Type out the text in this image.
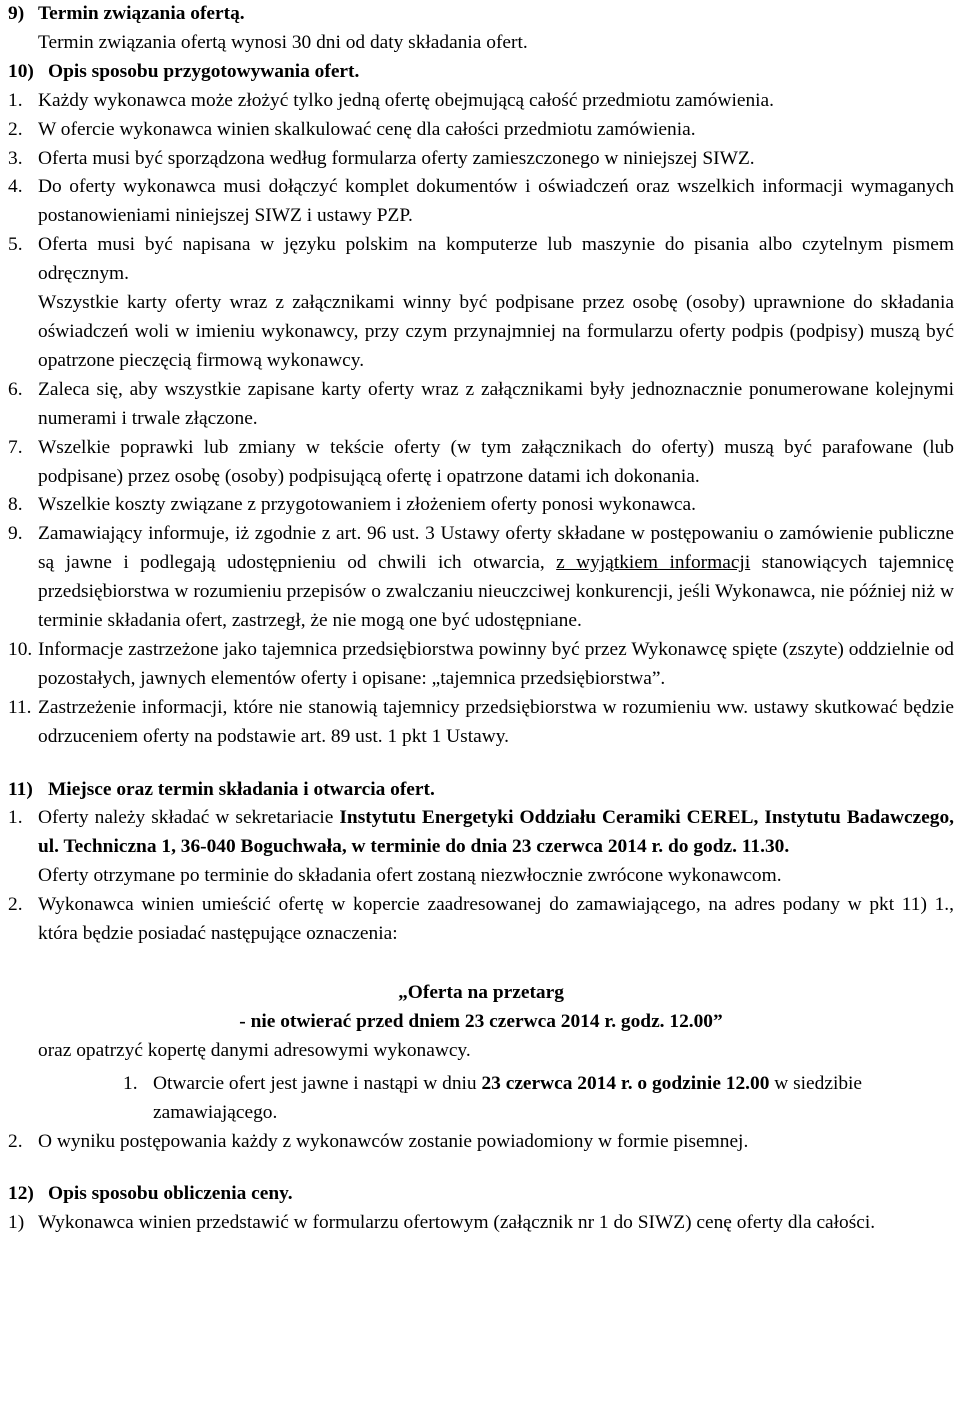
9) Termin związania ofertą.
Termin związania ofertą wynosi 30 dni od daty składania ofert.
10) Opis sposobu przygotowywania ofert.
1. Każdy wykonawca może złożyć tylko jedną ofertę obejmującą całość przedmiotu zamówienia.
2. W ofercie wykonawca winien skalkulować cenę dla całości przedmiotu zamówienia.
3. Oferta musi być sporządzona według formularza oferty zamieszczonego w niniejszej SIWZ.
4. Do oferty wykonawca musi dołączyć komplet dokumentów i oświadczeń oraz wszelkich informacji wymaganych postanowieniami niniejszej SIWZ i ustawy PZP.
5. Oferta musi być napisana w języku polskim na komputerze lub maszynie do pisania albo czytelnym pismem odręcznym.
Wszystkie karty oferty wraz z załącznikami winny być podpisane przez osobę (osoby) uprawnione do składania oświadczeń woli w imieniu wykonawcy, przy czym przynajmniej na formularzu oferty podpis (podpisy) muszą być opatrzone pieczęcią firmową wykonawcy.
6. Zaleca się, aby wszystkie zapisane karty oferty wraz z załącznikami były jednoznacznie ponumerowane kolejnymi numerami i trwale złączone.
7. Wszelkie poprawki lub zmiany w tekście oferty (w tym załącznikach do oferty) muszą być parafowane (lub podpisane) przez osobę (osoby) podpisującą ofertę i opatrzone datami ich dokonania.
8. Wszelkie koszty związane z przygotowaniem i złożeniem oferty ponosi wykonawca.
9. Zamawiający informuje, iż zgodnie z art. 96 ust. 3 Ustawy oferty składane w postępowaniu o zamówienie publiczne są jawne i podlegają udostępnieniu od chwili ich otwarcia, z wyjątkiem informacji stanowiących tajemnicę przedsiębiorstwa w rozumieniu przepisów o zwalczaniu nieuczciwej konkurencji, jeśli Wykonawca, nie później niż w terminie składania ofert, zastrzegł, że nie mogą one być udostępniane.
10. Informacje zastrzeżone jako tajemnica przedsiębiorstwa powinny być przez Wykonawcę spięte (zszyte) oddzielnie od pozostałych, jawnych elementów oferty i opisane: „tajemnica przedsiębiorstwa”.
11. Zastrzeżenie informacji, które nie stanowią tajemnicy przedsiębiorstwa w rozumieniu ww. ustawy skutkować będzie odrzuceniem oferty na podstawie art. 89 ust. 1 pkt 1 Ustawy.
11) Miejsce oraz termin składania i otwarcia ofert.
1. Oferty należy składać w sekretariacie Instytutu Energetyki Oddziału Ceramiki CEREL, Instytutu Badawczego, ul. Techniczna 1, 36-040 Boguchwała, w terminie do dnia 23 czerwca 2014 r. do godz. 11.30.
Oferty otrzymane po terminie do składania ofert zostaną niezwłocznie zwrócone wykonawcom.
2. Wykonawca winien umieścić ofertę w kopercie zaadresowanej do zamawiającego, na adres podany w pkt 11) 1., która będzie posiadać następujące oznaczenia:
„Oferta na przetarg
- nie otwierać przed dniem 23 czerwca 2014 r. godz. 12.00”
oraz opatrzyć kopertę danymi adresowymi wykonawcy.
1. Otwarcie ofert jest jawne i nastąpi w dniu 23 czerwca 2014 r. o godzinie 12.00 w siedzibie zamawiającego.
2. O wyniku postępowania każdy z wykonawców zostanie powiadomiony w formie pisemnej.
12) Opis sposobu obliczenia ceny.
1) Wykonawca winien przedstawić w formularzu ofertowym (załącznik nr 1 do SIWZ) cenę oferty dla całości.
